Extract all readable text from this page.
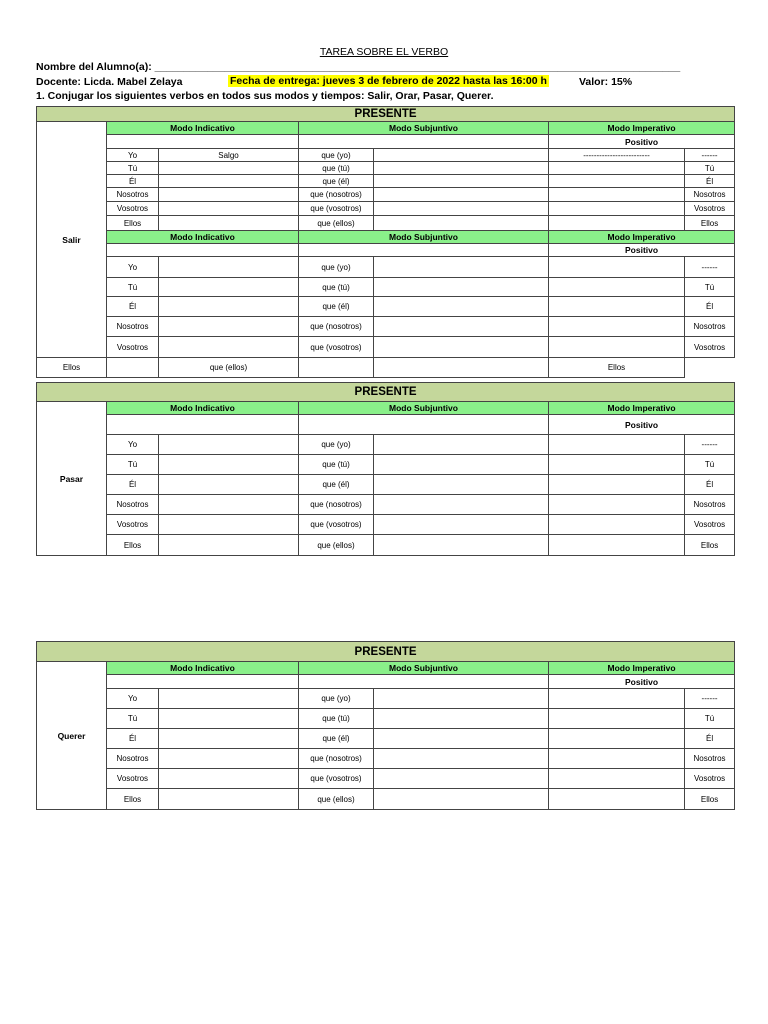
TAREA SOBRE EL VERBO
Nombre del Alumno(a): __________________________________________________________________________________________
Docente: Licda. Mabel Zelaya	Fecha de entrega: jueves 3 de febrero de 2022 hasta las 16:00 h	Valor: 15%
1. Conjugar los siguientes verbos en todos sus modos y tiempos: Salir, Orar, Pasar, Querer.
PRESENTE						
Salir	Modo Indicativo		Modo Subjuntivo		Modo Imperativo	
					Positivo	
	Yo	Salgo	que (yo)		-------------------------	------
	Tú		que (tú)			Tú
	Él		que (él)			Él
	Nosotros		que (nosotros)			Nosotros
	Vosotros		que (vosotros)			Vosotros
	Ellos		que (ellos)			Ellos
	Modo Indicativo		Modo Subjuntivo		Modo Imperativo	
					Positivo	
	Yo		que (yo)			------
	Tú		que (tú)			Tú
	Él		que (él)			Él
	Nosotros		que (nosotros)			Nosotros
	Vosotros		que (vosotros)			Vosotros
Ellos		que (ellos)			Ellos	
PRESENTE						
Pasar	Modo Indicativo		Modo Subjuntivo		Modo Imperativo	
					Positivo	
	Yo		que (yo)			------
	Tú		que (tú)			Tú
	Él		que (él)			Él
	Nosotros		que (nosotros)			Nosotros
	Vosotros		que (vosotros)			Vosotros
	Ellos		que (ellos)			Ellos
PRESENTE						
Querer	Modo Indicativo		Modo Subjuntivo		Modo Imperativo	
					Positivo	
	Yo		que (yo)			------
	Tú		que (tú)			Tú
	Él		que (él)			Él
	Nosotros		que (nosotros)			Nosotros
	Vosotros		que (vosotros)			Vosotros
	Ellos		que (ellos)			Ellos
